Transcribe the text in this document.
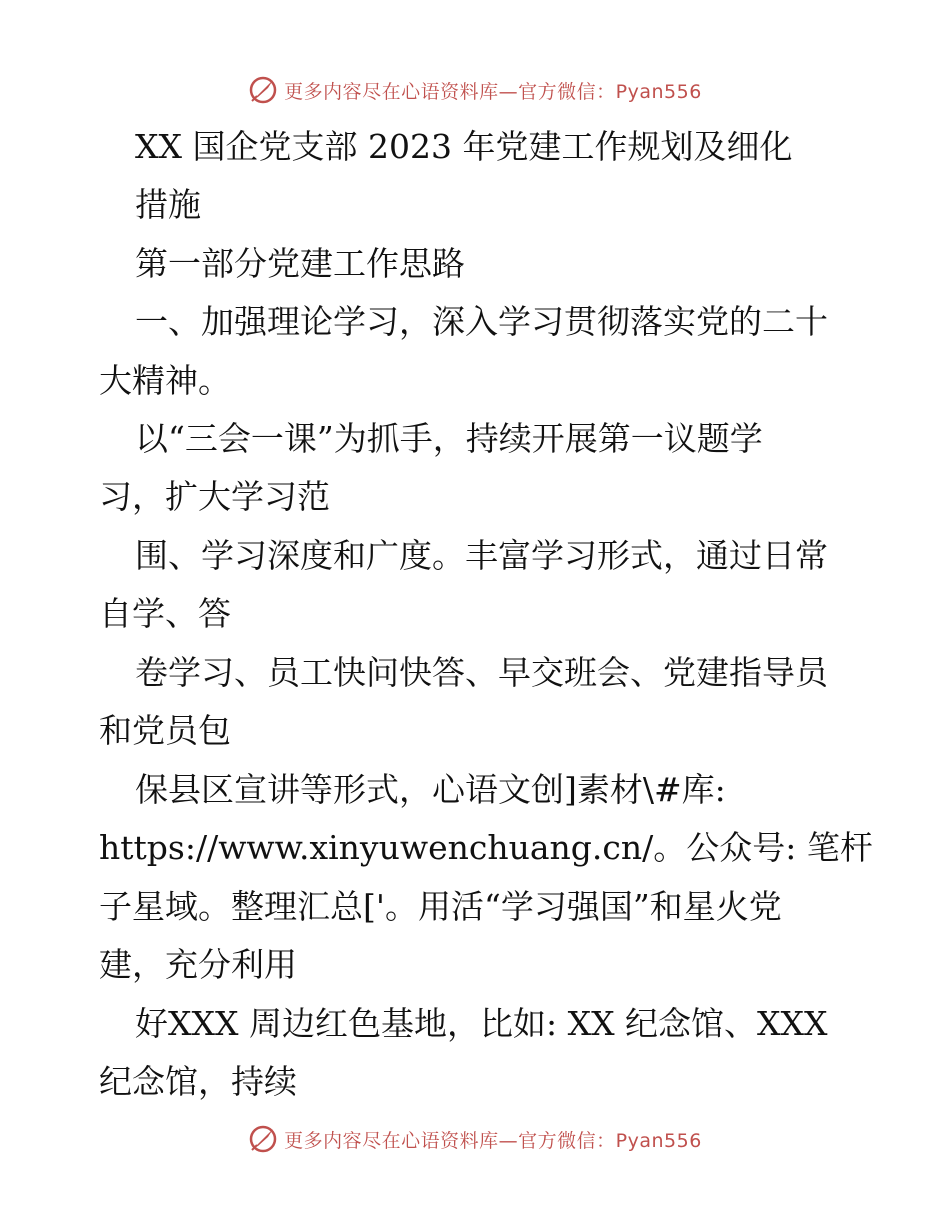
更多内容尽在心语资料库—官方微信：Pyan556
XX 国企党支部 2023 年党建工作规划及细化
措施
第一部分党建工作思路
一、加强理论学习，深入学习贯彻落实党的二十
大精神。
以“三会一课”为抓手，持续开展第一议题学
习，扩大学习范
围、学习深度和广度。丰富学习形式，通过日常
自学、答
卷学习、员工快问快答、早交班会、党建指导员
和党员包
保县区宣讲等形式，心语文创]素材\#库:
https://www.xinyuwenchuang.cn/。公众号: 笔杆
子星域。整理汇总['。用活“学习强国”和星火党
建，充分利用
好XXX 周边红色基地，比如: XX 纪念馆、XXX
纪念馆，持续
更多内容尽在心语资料库—官方微信：Pyan556
